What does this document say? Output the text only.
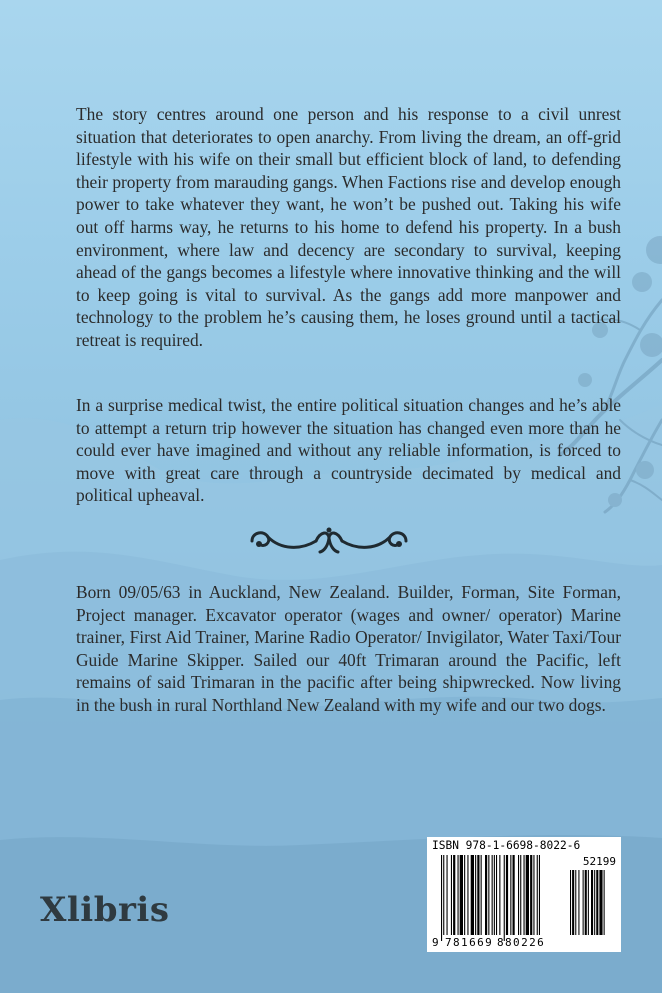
The story centres around one person and his response to a civil unrest situation that deteriorates to open anarchy. From living the dream, an off-grid lifestyle with his wife on their small but efficient block of land, to defending their property from marauding gangs. When Factions rise and develop enough power to take whatever they want, he won’t be pushed out. Taking his wife out off harms way, he returns to his home to defend his property. In a bush environment, where law and decency are secondary to survival, keeping ahead of the gangs becomes a lifestyle where innovative thinking and the will to keep going is vital to survival. As the gangs add more manpower and technology to the problem he’s causing them, he loses ground until a tactical retreat is required.

In a surprise medical twist, the entire political situation changes and he’s able to attempt a return trip however the situation has changed even more than he could ever have imagined and without any reliable information, is forced to move with great care through a countryside decimated by medical and political upheaval.

Born 09/05/63 in Auckland, New Zealand. Builder, Forman, Site Forman, Project manager. Excavator operator (wages and owner/ operator) Marine trainer, First Aid Trainer, Marine Radio Operator/ Invigilator, Water Taxi/Tour Guide Marine Skipper. Sailed our 40ft Trimaran around the Pacific, left remains of said Trimaran in the pacific after being shipwrecked. Now living in the bush in rural Northland New Zealand with my wife and our two dogs.

Xlibris
ISBN 978-1-6698-8022-6
52199
9 781669 880226
